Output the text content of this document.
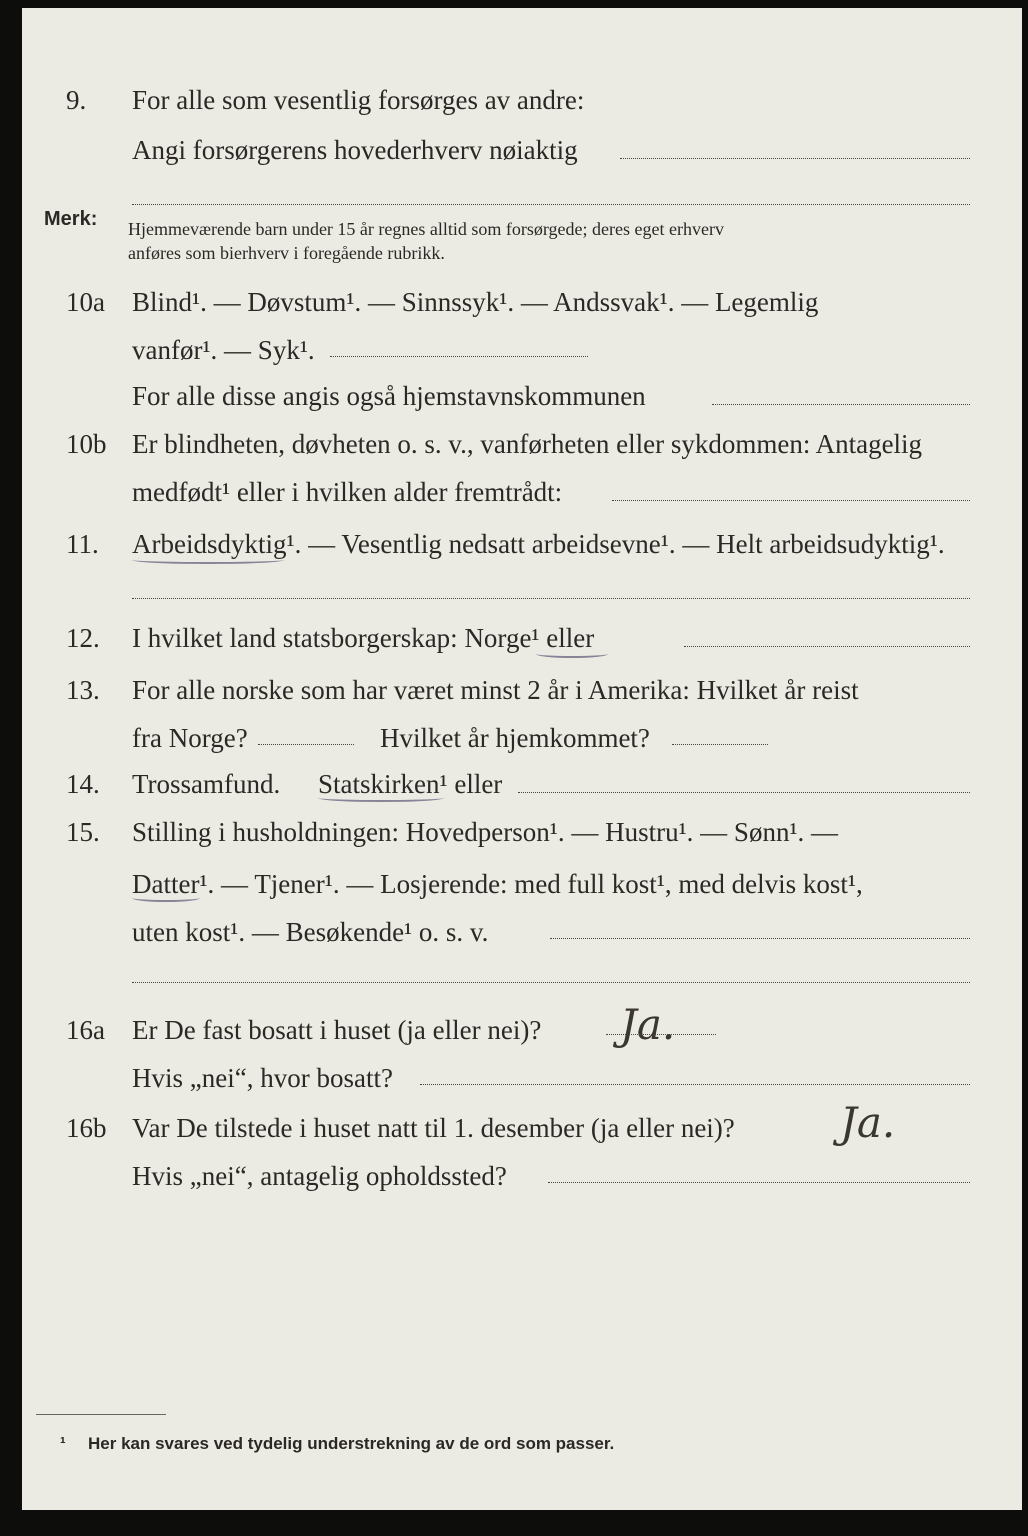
9. For alle som vesentlig forsørges av andre:
Angi forsørgerens hovederhverv nøiaktig
Merk: Hjemmeværende barn under 15 år regnes alltid som forsørgede; deres eget erhverv
anføres som bierhverv i foregående rubrikk.
10a Blind¹. — Døvstum¹. — Sinnssyk¹. — Andssvak¹. — Legemlig
vanfør¹. — Syk¹.
For alle disse angis også hjemstavnskommunen
10b Er blindheten, døvheten o. s. v., vanførheten eller sykdommen: Antagelig
medfødt¹ eller i hvilken alder fremtrådt:
11. Arbeidsdyktig¹. — Vesentlig nedsatt arbeidsevne¹. — Helt arbeidsudyktig¹.
12. I hvilket land statsborgerskap: Norge¹ eller
13. For alle norske som har været minst 2 år i Amerika: Hvilket år reist
fra Norge?	Hvilket år hjemkommet?
14. Trossamfund. Statskirken¹ eller
15. Stilling i husholdningen: Hovedperson¹. — Hustru¹. — Sønn¹. —
Datter¹. — Tjener¹. — Losjerende: med full kost¹, med delvis kost¹,
uten kost¹. — Besøkende¹ o. s. v.
16a Er De fast bosatt i huset (ja eller nei)? Ja.
Hvis „nei“, hvor bosatt?
16b Var De tilstede i huset natt til 1. desember (ja eller nei)?	Ja.
Hvis „nei“, antagelig opholdssted?
¹ Her kan svares ved tydelig understrekning av de ord som passer.
